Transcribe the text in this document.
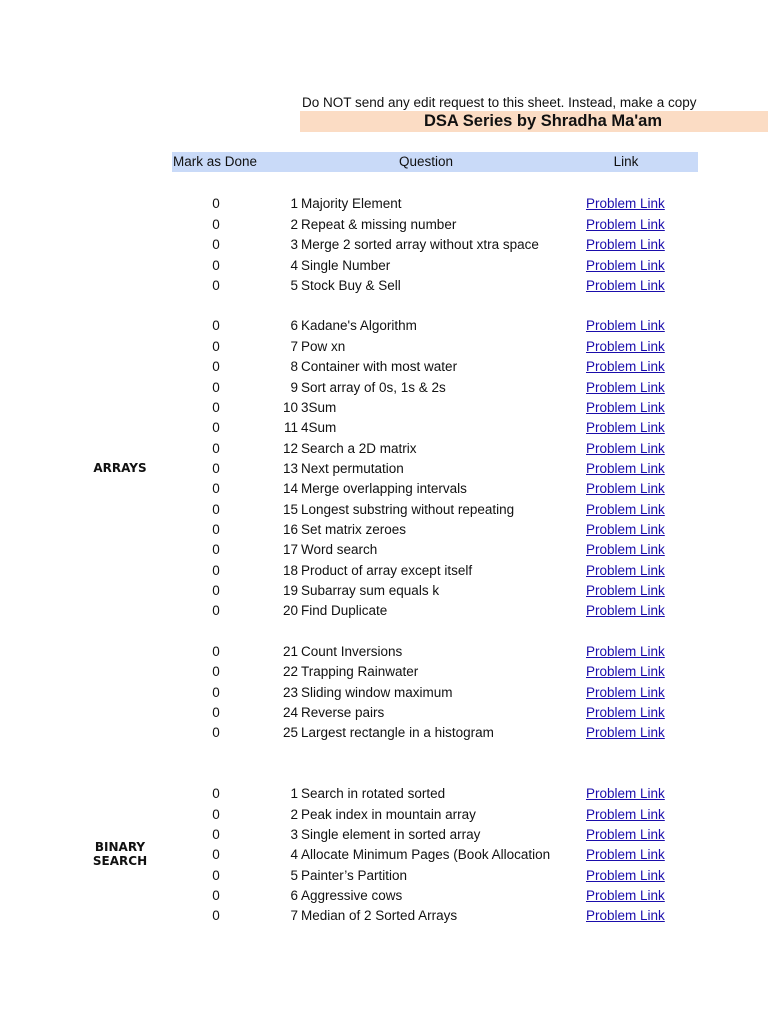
Do NOT send any edit request to this sheet. Instead, make a copy
DSA Series by Shradha Ma'am
Mark as Done	Question	Link
ARRAYS
BINARY SEARCH
0	1 Majority Element	Problem Link
0	2 Repeat & missing number	Problem Link
0	3 Merge 2 sorted array without xtra space	Problem Link
0	4 Single Number	Problem Link
0	5 Stock Buy & Sell	Problem Link
0	6 Kadane's Algorithm	Problem Link
0	7 Pow xn	Problem Link
0	8 Container with most water	Problem Link
0	9 Sort array of 0s, 1s & 2s	Problem Link
0	10 3Sum	Problem Link
0	11 4Sum	Problem Link
0	12 Search a 2D matrix	Problem Link
0	13 Next permutation	Problem Link
0	14 Merge overlapping intervals	Problem Link
0	15 Longest substring without repeating	Problem Link
0	16 Set matrix zeroes	Problem Link
0	17 Word search	Problem Link
0	18 Product of array except itself	Problem Link
0	19 Subarray sum equals k	Problem Link
0	20 Find Duplicate	Problem Link
0	21 Count Inversions	Problem Link
0	22 Trapping Rainwater	Problem Link
0	23 Sliding window maximum	Problem Link
0	24 Reverse pairs	Problem Link
0	25 Largest rectangle in a histogram	Problem Link
0	1 Search in rotated sorted	Problem Link
0	2 Peak index in mountain array	Problem Link
0	3 Single element in sorted array	Problem Link
0	4 Allocate Minimum Pages (Book Allocation	Problem Link
0	5 Painter’s Partition	Problem Link
0	6 Aggressive cows	Problem Link
0	7 Median of 2 Sorted Arrays	Problem Link
